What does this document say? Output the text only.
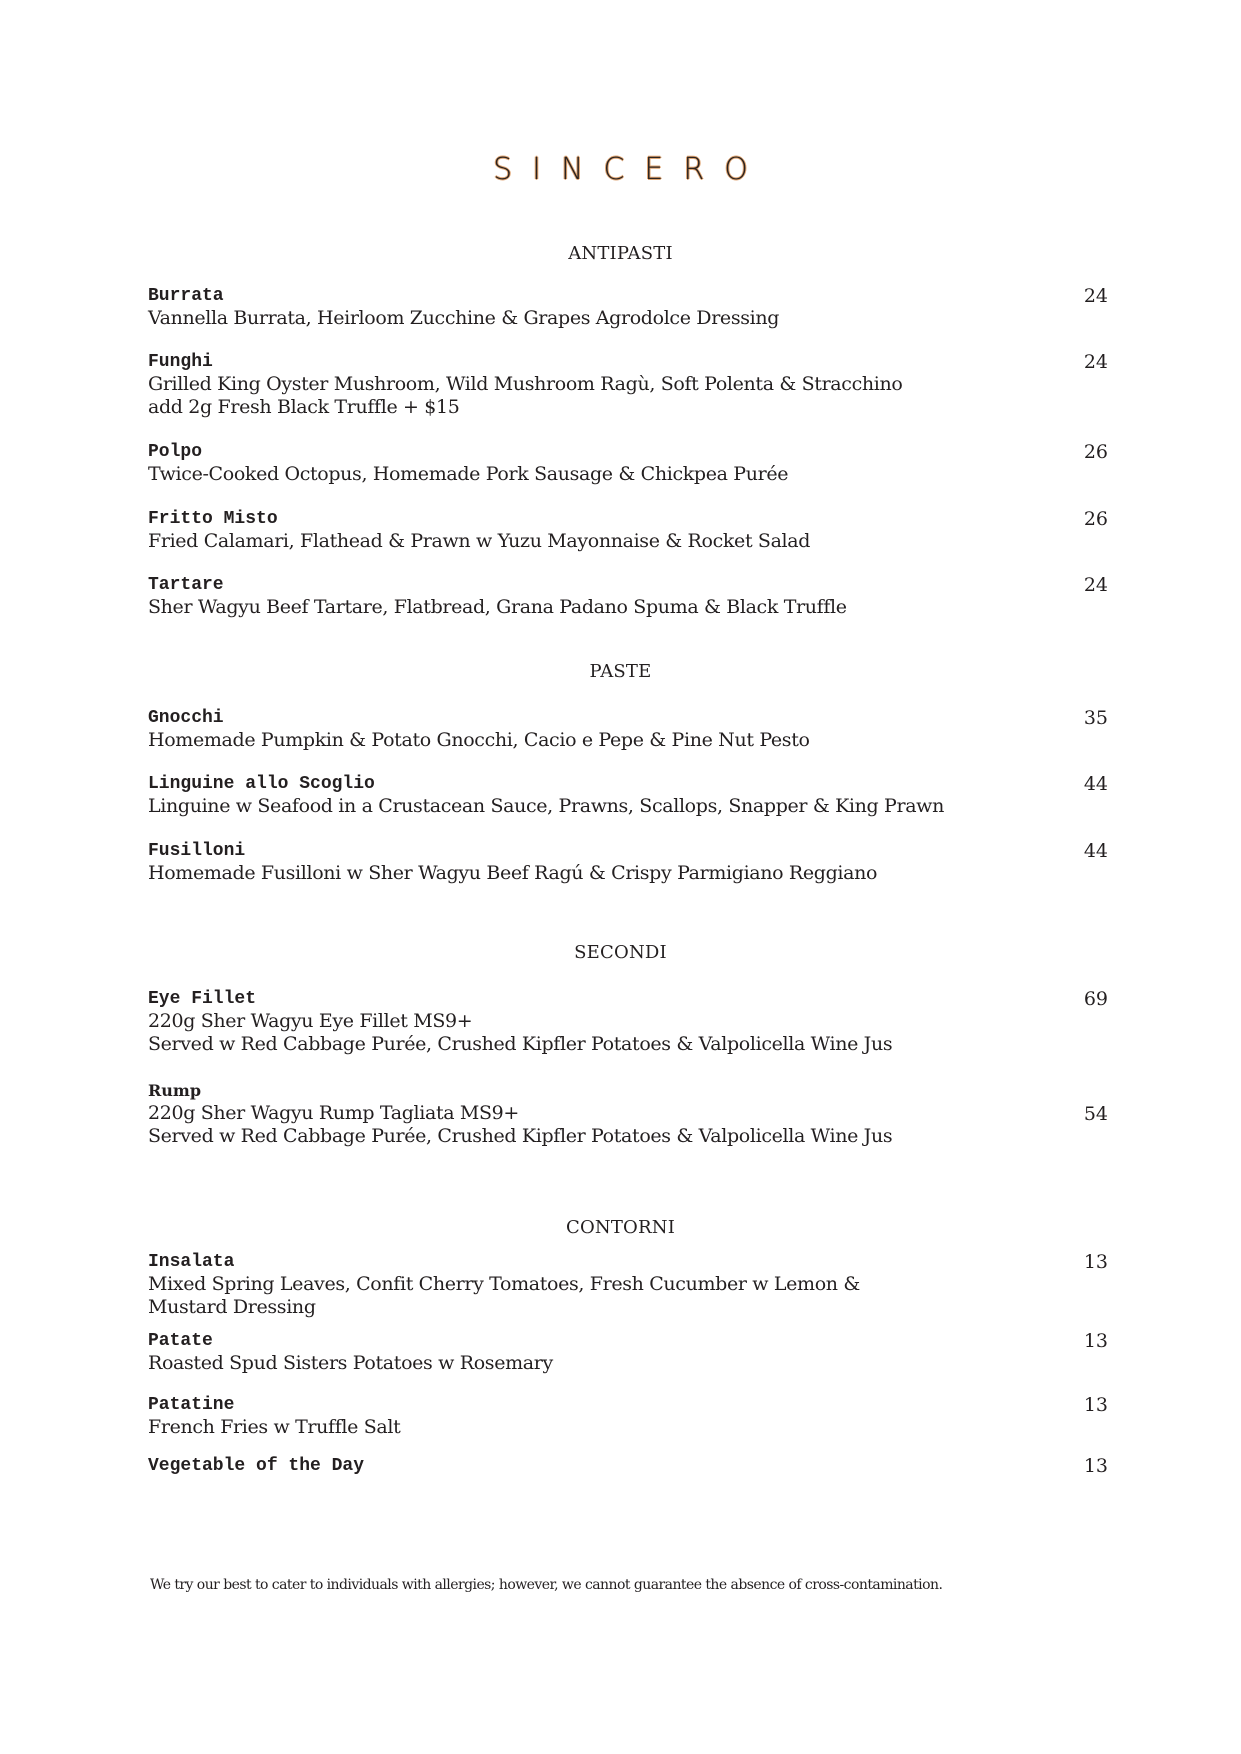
SINCERO
ANTIPASTI
Burrata
Vannella Burrata, Heirloom Zucchine & Grapes Agrodolce Dressing
24
Funghi
Grilled King Oyster Mushroom, Wild Mushroom Ragù, Soft Polenta & Stracchino
add 2g Fresh Black Truffle + $15
24
Polpo
Twice-Cooked Octopus, Homemade Pork Sausage & Chickpea Purée
26
Fritto Misto
Fried Calamari, Flathead & Prawn w Yuzu Mayonnaise & Rocket Salad
26
Tartare
Sher Wagyu Beef Tartare, Flatbread, Grana Padano Spuma & Black Truffle
24
PASTE
Gnocchi
Homemade Pumpkin & Potato Gnocchi, Cacio e Pepe & Pine Nut Pesto
35
Linguine allo Scoglio
Linguine w Seafood in a Crustacean Sauce, Prawns, Scallops, Snapper & King Prawn
44
Fusilloni
Homemade Fusilloni w Sher Wagyu Beef Ragú & Crispy Parmigiano Reggiano
44
SECONDI
Eye Fillet
220g Sher Wagyu Eye Fillet MS9+
Served w Red Cabbage Purée, Crushed Kipfler Potatoes & Valpolicella Wine Jus
69
Rump
220g Sher Wagyu Rump Tagliata MS9+
Served w Red Cabbage Purée, Crushed Kipfler Potatoes & Valpolicella Wine Jus
54
CONTORNI
Insalata
Mixed Spring Leaves, Confit Cherry Tomatoes, Fresh Cucumber w Lemon &
Mustard Dressing
13
Patate
Roasted Spud Sisters Potatoes w Rosemary
13
Patatine
French Fries w Truffle Salt
13
Vegetable of the Day	13
We try our best to cater to individuals with allergies; however, we cannot guarantee the absence of cross-contamination.
